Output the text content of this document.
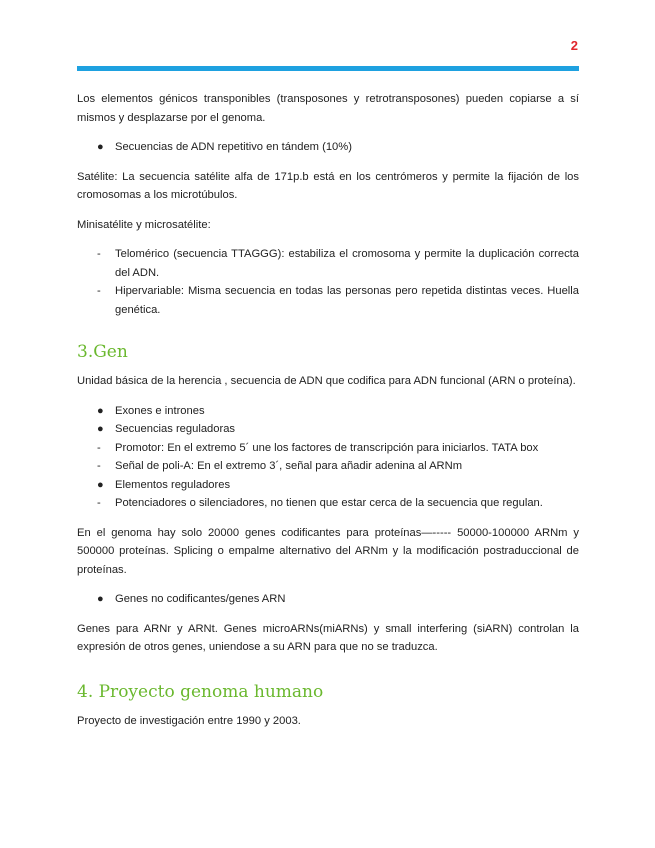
2

Los elementos génicos transponibles (transposones y retrotransposones) pueden copiarse a sí mismos y desplazarse por el genoma.

● Secuencias de ADN repetitivo en tándem (10%)

Satélite: La secuencia satélite alfa de 171p.b está en los centrómeros y permite la fijación de los cromosomas a los microtúbulos.

Minisatélite y microsatélite:

- Telomérico (secuencia TTAGGG): estabiliza el cromosoma y permite la duplicación correcta del ADN.
- Hipervariable: Misma secuencia en todas las personas pero repetida distintas veces. Huella genética.
3.Gen

Unidad básica de la herencia , secuencia de ADN que codifica para ADN funcional (ARN o proteína).

● Exones e intrones
● Secuencias reguladoras
- Promotor: En el extremo 5´ une los factores de transcripción para iniciarlos. TATA box
- Señal de poli-A: En el extremo 3´, señal para añadir adenina al ARNm
● Elementos reguladores
- Potenciadores o silenciadores, no tienen que estar cerca de la secuencia que regulan.

En el genoma hay solo 20000 genes codificantes para proteínas—----- 50000-100000 ARNm y 500000 proteínas. Splicing o empalme alternativo del ARNm y la modificación postraduccional de proteínas.

● Genes no codificantes/genes ARN

Genes para ARNr y ARNt. Genes microARNs(miARNs) y small interfering (siARN) controlan la expresión de otros genes, uniendose a su ARN para que no se traduzca.

4. Proyecto genoma humano

Proyecto de investigación entre 1990 y 2003.
